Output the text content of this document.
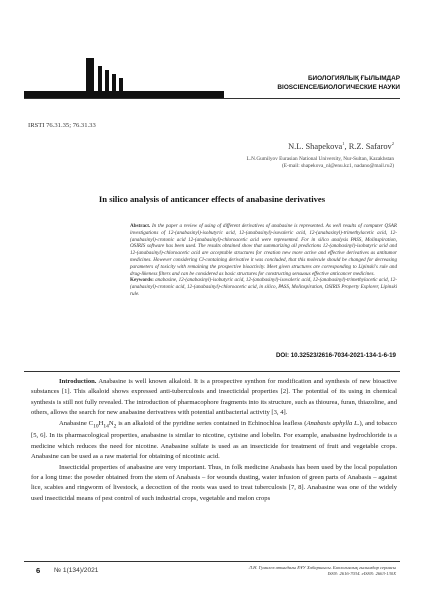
БИОЛОГИЯЛЫҚ ҒЫЛЫМДАР
BIOSCIENCE/БИОЛОГИЧЕСКИЕ НАУКИ
IRSTI 76.31.35; 76.31.33
N.L. Shapekova$^1$, R.Z. Safarov$^2$
L.N.Gumilyov Eurasian National University, Nur-Sultan, Kazakhstan
(E-mail: shapekova_nl@enu.kz1, nadano@mail.ru2)
In silico analysis of anticancer effects of anabasine derivatives
Abstract. In the paper a review of using of different derivatives of anabasine is represented. As well results of computer QSAR investigations of 12-(anabasinyl)-isobutyric acid, 12-(anabasinyl)-isovaleric acid, 12-(anabasinyl)-trimethylacetic acid, 12-(anabasinyl)-crotonic acid 12-(anabasinyl)-chloroacetic acid were represented. For in silico analysis PASS, Molinspiration, OSIRIS software has been used. The results obtained show that summarizing all predictions 12-(anabasinyl)-isobutyric acid and 12-(anabasinyl)-chloroacetic acid are acceptable structures for creation new more active and effective derivatives as antitumor medicines. However considering Cl-containing derivative it was concluded, that this molecule should be changed for decreasing parameters of toxicity with remaining the prospective bioactivity. Meet given structures are corresponding to Lipinski's rule and drug-likeness filters and can be considered as basic structures for constructing sensuous effective anticancer medicines.
Keywords: anabasine, 12-(anabasinyl)-isobutyric acid, 12-(anabasinyl)-isovaleric acid, 12-(anabasinyl)-trimethylacetic acid, 12-(anabasinyl)-crotonic acid, 12-(anabasinyl)-chloroacetic acid, in silico, PASS, Molinspiration, OSIRIS Property Explorer, Lipinski rule.
DOI: 10.32523/2616-7034-2021-134-1-6-19

Introduction. Anabasine is well known alkaloid. It is a prospective synthon for modification and synthesis of new bioactive substances [1]. This alkaloid shows expressed anti-tuberculosis and insecticidal properties [2]. The potential of its using in chemical synthesis is still not fully revealed. The introduction of pharmacophore fragments into its structure, such as thiourea, furan, thiazoline, and others, allows the search for new anabasine derivatives with potential antibacterial activity [3, 4].

Anabasine $C_{10}H_{14}N_2$ is an alkaloid of the pyridine series contained in Echinochloa leafless (Anabasis aphylla L.), and tobacco [5, 6]. In its pharmacological properties, anabasine is similar to nicotine, cytisine and lobelin. For example, anabasine hydrochloride is a medicine which reduces the need for nicotine. Anabasine sulfate is used as an insecticide for treatment of fruit and vegetable crops. Anabasine can be used as a raw material for obtaining of nicotinic acid.

Insecticidal properties of anabasine are very important. Thus, in folk medicine Anabasis has been used by the local population for a long time: the powder obtained from the stem of Anabasis – for wounds dusting, water infusion of green parts of Anabasis – against lice, scabies and ringworm of livestock, a decoction of the roots was used to treat tuberculosis [7, 8]. Anabasine was one of the widely used insecticidal means of pest control of such industrial crops, vegetable and melon crops

6 № 1(134)/2021	Л.Н. Гумилев атындағы ЕҰУ Хабаршысы. Биологиялық ғылымдар сериясы
ISSN: 2616-7034. eISSN: 2663-130X
